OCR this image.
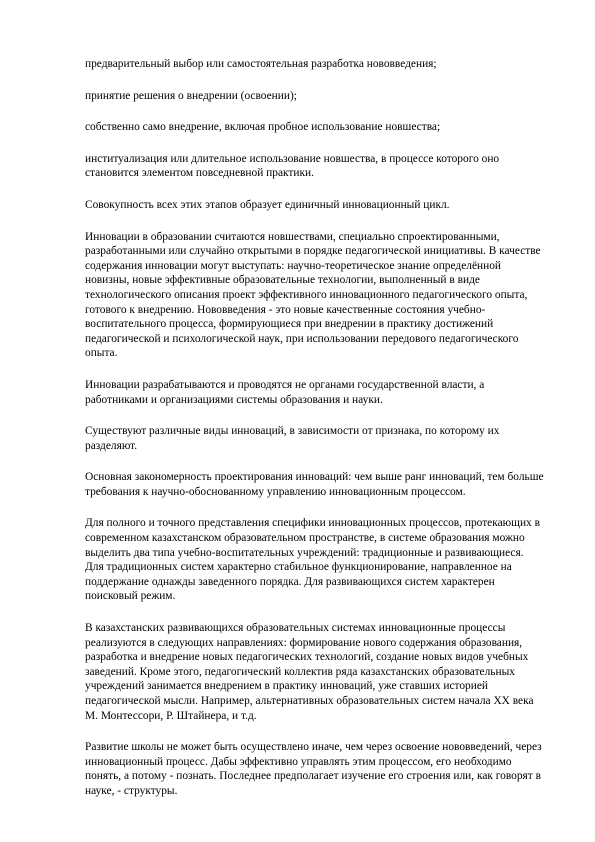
предварительный выбор или самостоятельная разработка нововведения;

принятие решения о внедрении (освоении);

собственно само внедрение, включая пробное использование новшества;

институализация или длительное использование новшества, в процессе которого оно становится элементом повседневной практики.

Совокупность всех этих этапов образует единичный инновационный цикл.

Инновации в образовании считаются новшествами, специально спроектированными, разработанными или случайно открытыми в порядке педагогической инициативы. В качестве содержания инновации могут выступать: научно-теоретическое знание определённой новизны, новые эффективные образовательные технологии, выполненный в виде технологического описания проект эффективного инновационного педагогического опыта, готового к внедрению. Нововведения - это новые качественные состояния учебно-воспитательного процесса, формирующиеся при внедрении в практику достижений педагогической и психологической наук, при использовании передового педагогического опыта.

Инновации разрабатываются и проводятся не органами государственной власти, а работниками и организациями системы образования и науки.

Существуют различные виды инноваций, в зависимости от признака, по которому их разделяют.

Основная закономерность проектирования инноваций: чем выше ранг инноваций, тем больше требования к научно-обоснованному управлению инновационным процессом.

Для полного и точного представления специфики инновационных процессов, протекающих в современном казахстанском образовательном пространстве, в системе образования можно выделить два типа учебно-воспитательных учреждений: традиционные и развивающиеся. Для традиционных систем характерно стабильное функционирование, направленное на поддержание однажды заведенного порядка. Для развивающихся систем характерен поисковый режим.

В казахстанских развивающихся образовательных системах инновационные процессы реализуются в следующих направлениях: формирование нового содержания образования, разработка и внедрение новых педагогических технологий, создание новых видов учебных заведений. Кроме этого, педагогический коллектив ряда казахстанских образовательных учреждений занимается внедрением в практику инноваций, уже ставших историей педагогической мысли. Например, альтернативных образовательных систем начала XX века М. Монтессори, Р. Штайнера, и т.д.

Развитие школы не может быть осуществлено иначе, чем через освоение нововведений, через инновационный процесс. Дабы эффективно управлять этим процессом, его необходимо понять, а потому - познать. Последнее предполагает изучение его строения или, как говорят в науке, - структуры.
